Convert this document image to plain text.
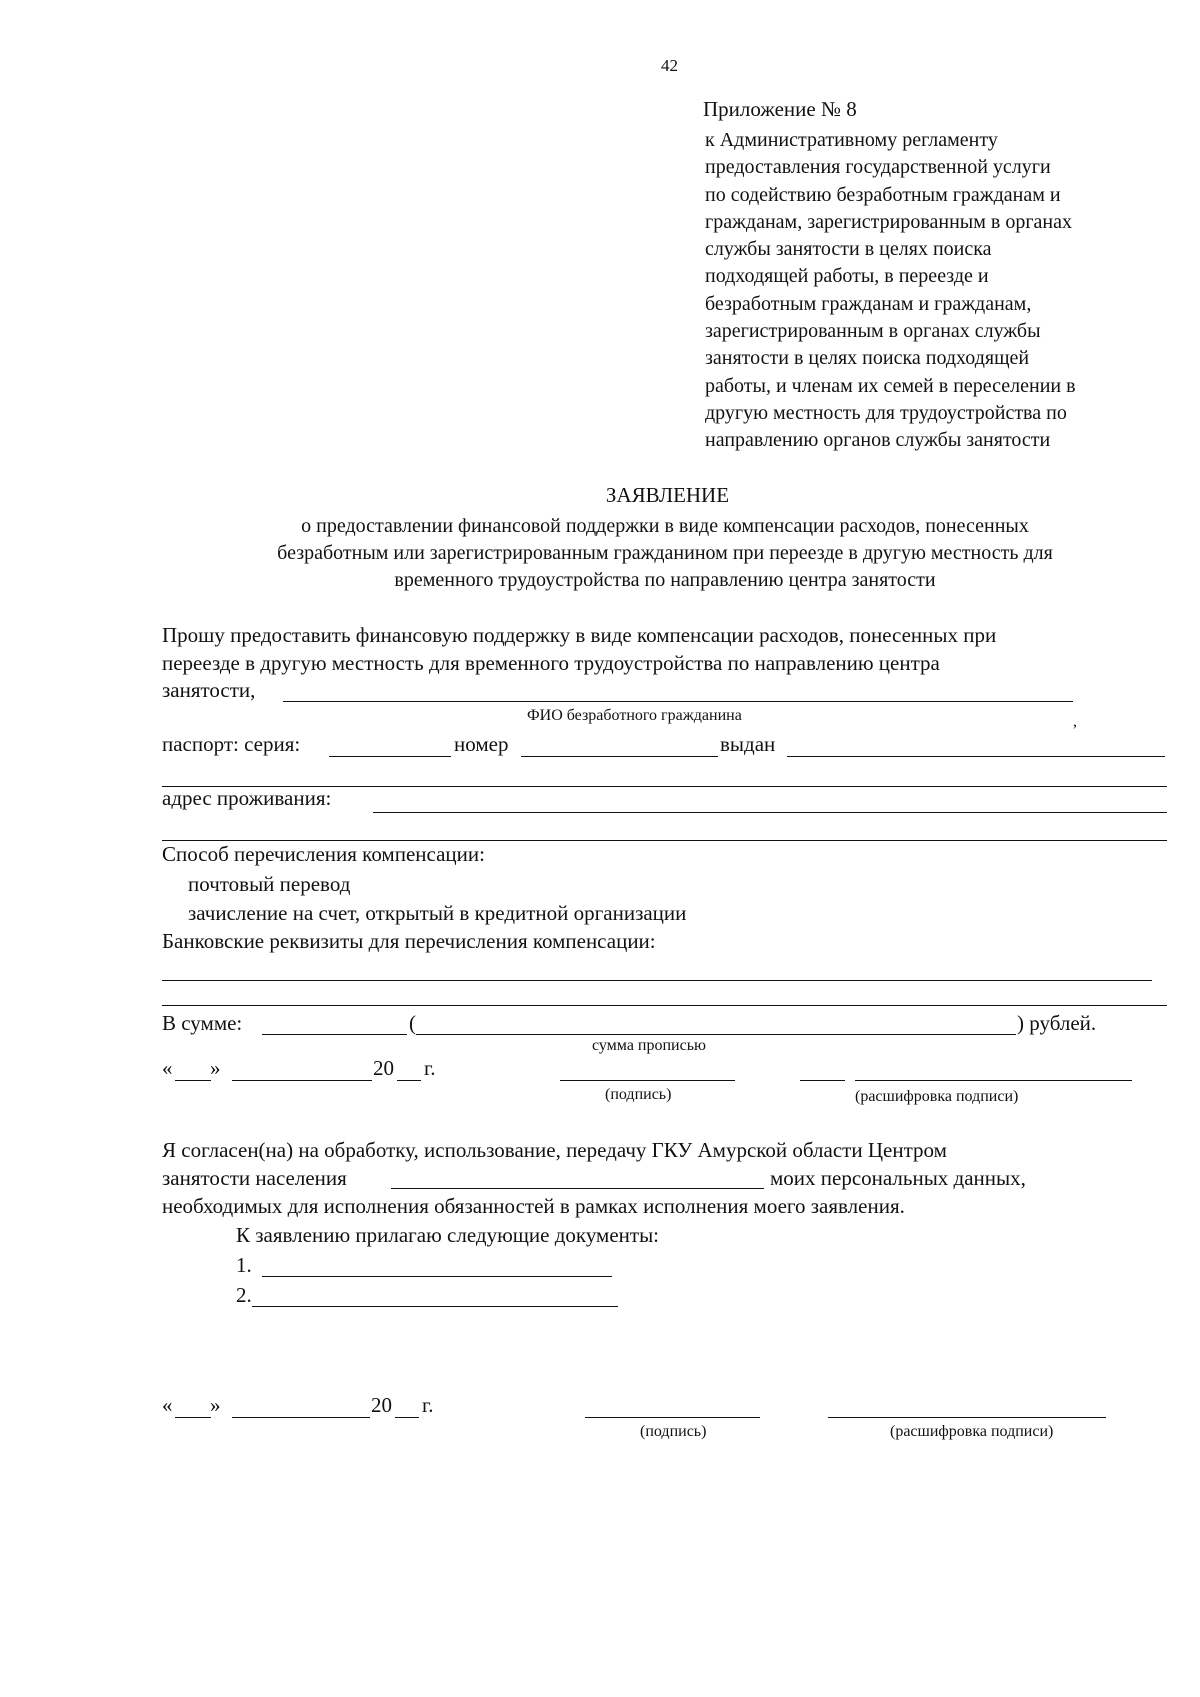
42
Приложение № 8
к Административному регламенту
предоставления государственной услуги
по содействию безработным гражданам и
гражданам, зарегистрированным в органах
службы занятости в целях поиска
подходящей работы, в переезде и
безработным гражданам и гражданам,
зарегистрированным в органах службы
занятости в целях поиска подходящей
работы, и членам их семей в переселении в
другую местность для трудоустройства по
направлению органов службы занятости
ЗАЯВЛЕНИЕ
о предоставлении финансовой поддержки в виде компенсации расходов, понесенных
безработным или зарегистрированным гражданином при переезде в другую местность для
временного трудоустройства по направлению центра занятости
Прошу предоставить финансовую поддержку в виде компенсации расходов, понесенных при
переезде в другую местность для временного трудоустройства по направлению центра
занятости,
ФИО безработного гражданина	,
паспорт: серия:	номер	выдан
адрес проживания:
Способ перечисления компенсации:
почтовый перевод
зачисление на счет, открытый в кредитной организации
Банковские реквизиты для перечисления компенсации:
В сумме:	(	) рублей.
сумма прописью
« »	20 г.
(подпись)	(расшифровка подписи)
Я согласен(на) на обработку, использование, передачу ГКУ Амурской области Центром
занятости населения	моих персональных данных,
необходимых для исполнения обязанностей в рамках исполнения моего заявления.
К заявлению прилагаю следующие документы:
1.
2.
« »	20 г.
(подпись)	(расшифровка подписи)
